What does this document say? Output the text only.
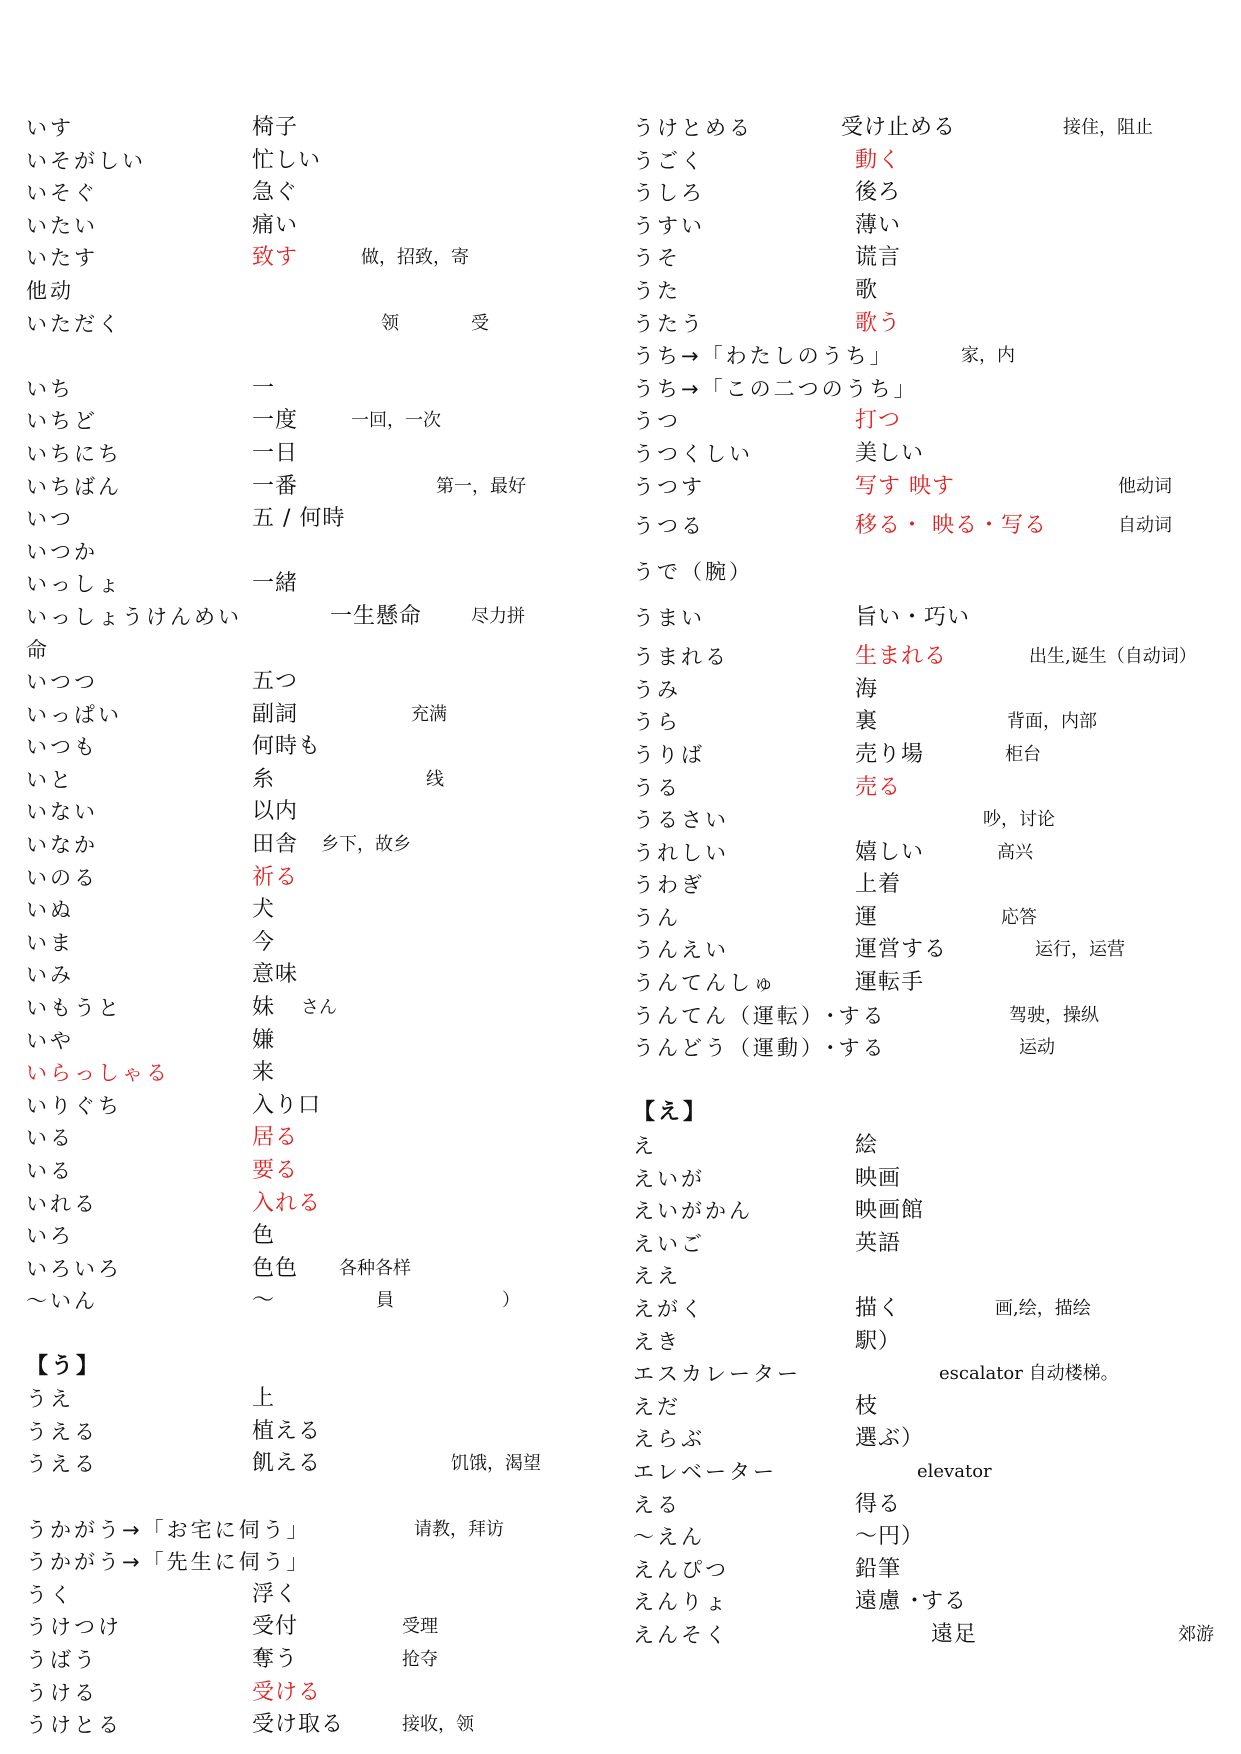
いす	椅子
いそがしい	忙しい
いそぐ	急ぐ
いたい	痛い
いたす	致す	做，招致，寄
他动
いただく	领　　　　受
いち	一
いちど	一度	一回，一次
いちにち	一日
いちばん	一番	第一，最好
いつ	五 / 何時
いつか
いっしょ	一緒
いっしょうけんめい	一生懸命	尽力拼
命
いつつ	五つ
いっぱい	副詞	充满
いつも	何時も
いと	糸	线
いない	以内
いなか	田舎 乡下，故乡
いのる	祈る
いぬ	犬
いま	今
いみ	意味
いもうと	妹 さん
いや	嫌
いらっしゃる	来
いりぐち	入り口
いる	居る
いる	要る
いれる	入れる
いろ	色
いろいろ	色色 各种各样
～いん	～	員　　　　　　）
【う】
うえ	上
うえる	植える
うえる	飢える	饥饿，渴望
うかがう→「お宅に伺う」	请教，拜访
うかがう→「先生に伺う」
うく	浮く
うけつけ	受付	受理
うばう	奪う	抢夺
うける	受ける
うけとる	受け取る	接收，领
うけとめる	受け止める	接住，阻止
うごく	動く
うしろ	後ろ
うすい	薄い
うそ	谎言
うた	歌
うたう	歌う
うち→「わたしのうち」	家，内
うち→「この二つのうち」
うつ	打つ
うつくしい	美しい
うつす	写す 映す	他动词
うつる	移る・ 映る・写る	自动词
うで（腕）
うまい	旨い・巧い
うまれる	生まれる	出生,诞生（自动词）
うみ	海
うら	裏	背面，内部
うりば	売り場	柜台
うる	売る
うるさい	吵，讨论
うれしい	嬉しい	高兴
うわぎ	上着
うん	運	応答
うんえい	運営する	运行，运营
うんてんしゅ	運転手
うんてん（運転）･する	驾驶，操纵
うんどう（運動）･する	运动
【え】
え	絵
えいが	映画
えいがかん	映画館
えいご	英語
ええ
えがく	描く	画,绘，描绘
えき	駅）
エスカレーター	escalator 自动楼梯。
えだ	枝
えらぶ	選ぶ）
エレベーター	elevator
える	得る
～えん	～円）
えんぴつ	鉛筆
えんりょ	遠慮 ･する
えんそく	遠足	郊游
